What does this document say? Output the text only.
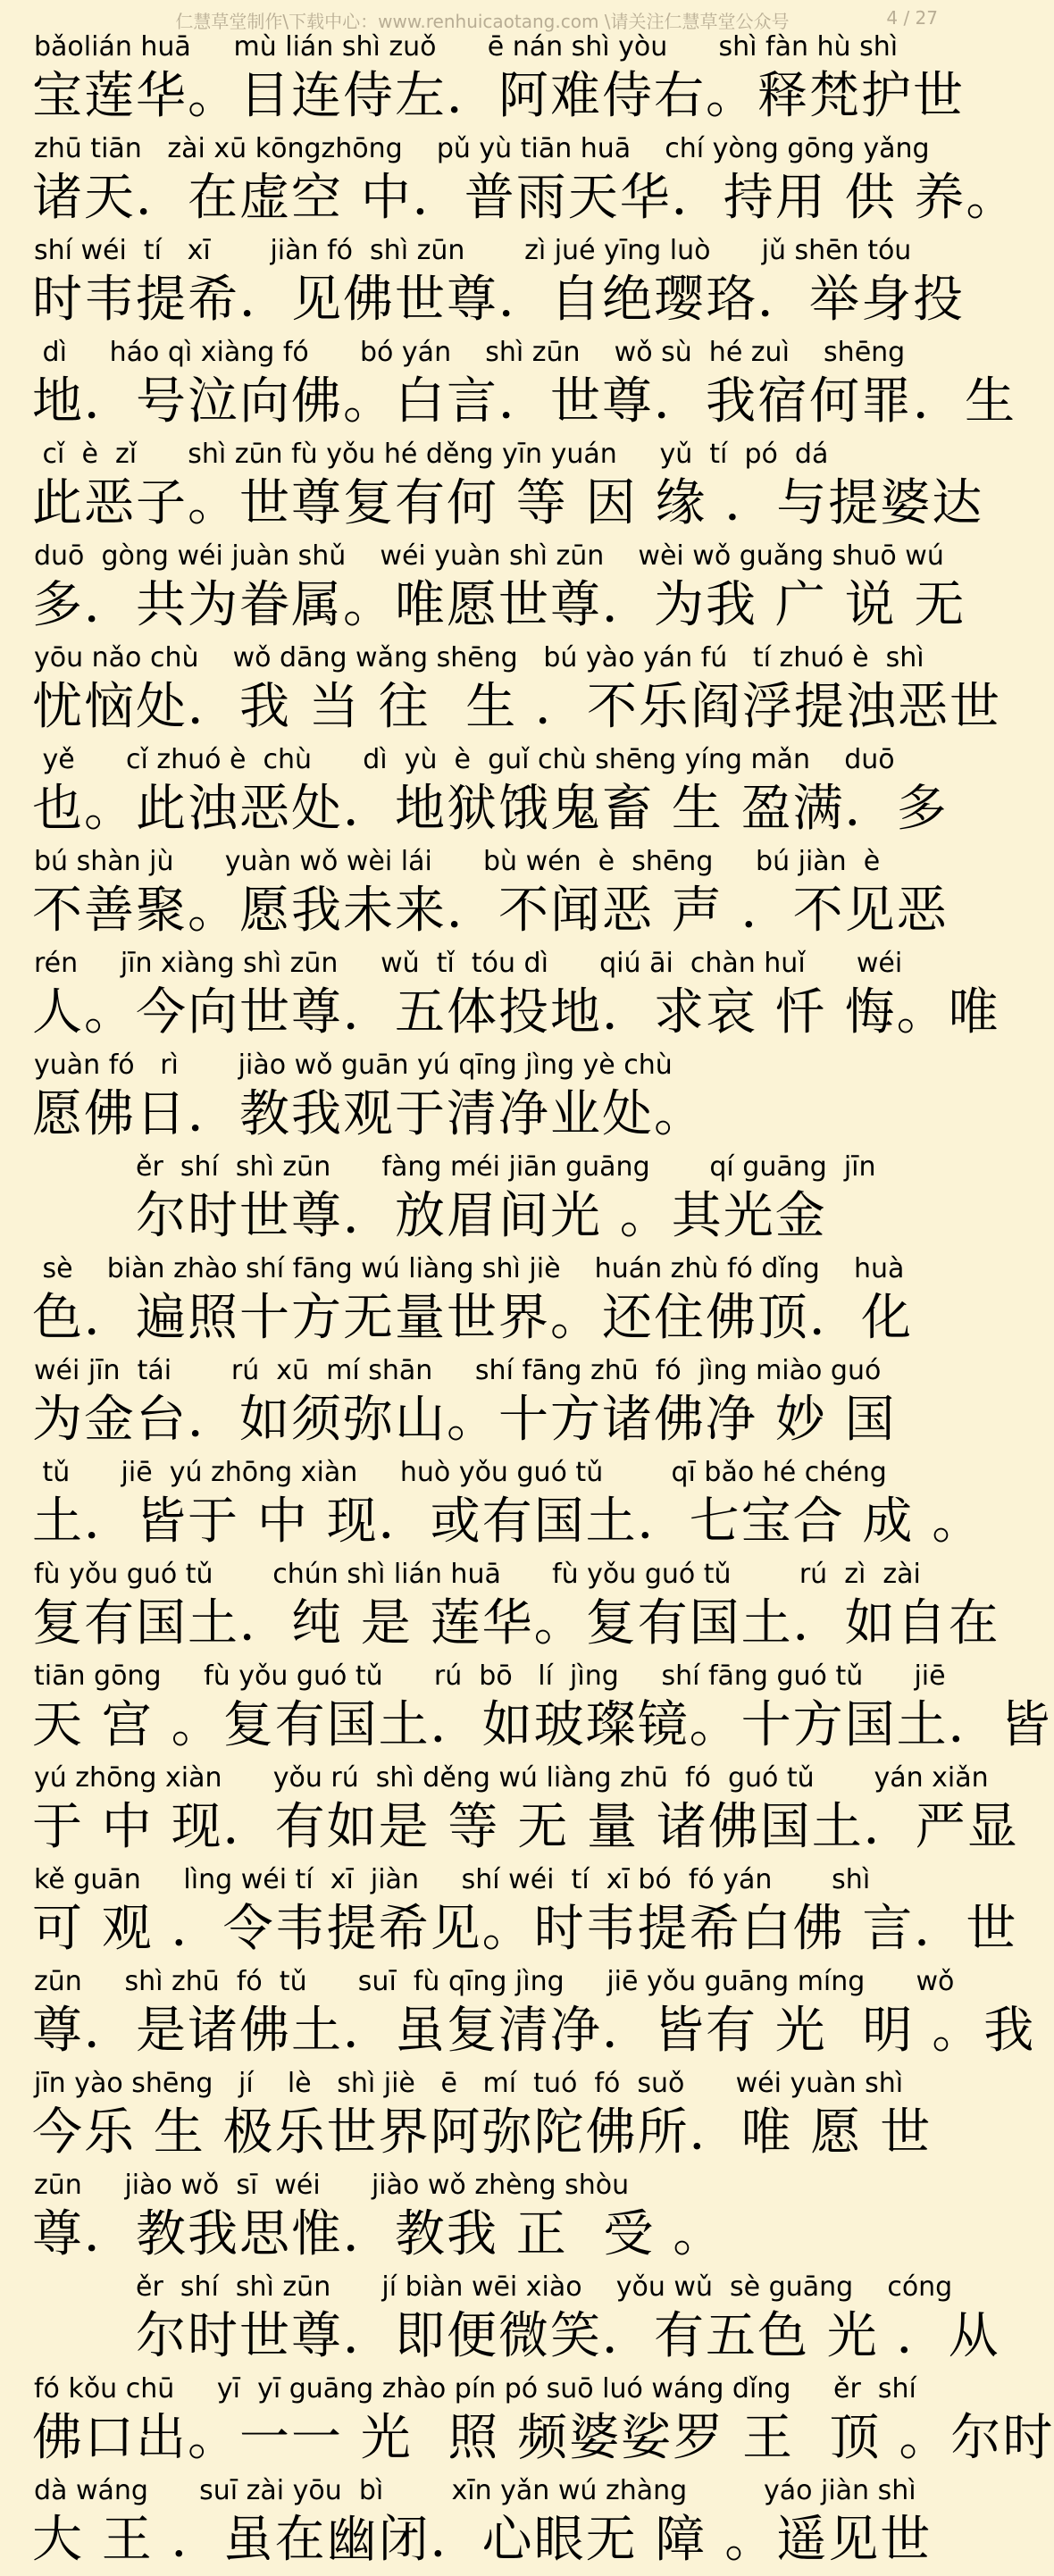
仁慧草堂制作\下载中心：www.renhuicaotang.com \请关注仁慧草堂公众号	4 / 27
bǎolián huā     mù lián shì zuǒ      ē nán shì yòu      shì fàn hù shì
宝莲华。目连侍左．阿难侍右。释梵护世
zhū tiān   zài xū kōngzhōng    pǔ yù tiān huā    chí yòng gōng yǎng
诸天．在虚空 中．普雨天华．持用 供 养。
shí wéi  tí   xī       jiàn fó  shì zūn       zì jué yīng luò      jǔ shēn tóu
时韦提希．见佛世尊．自绝璎珞．举身投
dì     háo qì xiàng fó      bó yán    shì zūn    wǒ sù  hé zuì    shēng
地．号泣向佛。白言．世尊．我宿何罪．生
cǐ  è  zǐ      shì zūn fù yǒu hé děng yīn yuán     yǔ  tí  pó  dá
此恶子。世尊复有何 等 因 缘 ．与提婆达
duō  gòng wéi juàn shǔ    wéi yuàn shì zūn    wèi wǒ guǎng shuō wú
多．共为眷属。唯愿世尊．为我 广 说 无
yōu nǎo chù    wǒ dāng wǎng shēng   bú yào yán fú   tí zhuó è  shì
忧恼处．我 当 往  生 ．不乐阎浮提浊恶世
yě      cǐ zhuó è  chù      dì  yù  è  guǐ chù shēng yíng mǎn    duō
也。此浊恶处．地狱饿鬼畜 生 盈满．多
bú shàn jù      yuàn wǒ wèi lái      bù wén  è  shēng     bú jiàn  è
不善聚。愿我未来．不闻恶 声 ．不见恶
rén     jīn xiàng shì zūn     wǔ  tǐ  tóu dì      qiú āi  chàn huǐ      wéi
人。今向世尊．五体投地．求哀 忏 悔。唯
yuàn fó   rì       jiào wǒ guān yú qīng jìng yè chù
愿佛日．教我观于清净业处。
ěr  shí  shì zūn      fàng méi jiān guāng       qí guāng  jīn
尔时世尊．放眉间光 。其光金
sè    biàn zhào shí fāng wú liàng shì jiè    huán zhù fó dǐng    huà
色．遍照十方无量世界。还住佛顶．化
wéi jīn  tái       rú  xū  mí shān     shí fāng zhū  fó  jìng miào guó
为金台．如须弥山。十方诸佛净 妙 国
tǔ      jiē  yú zhōng xiàn     huò yǒu guó tǔ        qī bǎo hé chéng
土．皆于 中 现．或有国土．七宝合 成 。
fù yǒu guó tǔ       chún shì lián huā      fù yǒu guó tǔ        rú  zì  zài
复有国土．纯 是 莲华。复有国土．如自在
tiān gōng     fù yǒu guó tǔ      rú  bō   lí  jìng     shí fāng guó tǔ      jiē
天 宫 。复有国土．如玻璨镜。十方国土．皆
yú zhōng xiàn      yǒu rú  shì děng wú liàng zhū  fó  guó tǔ       yán xiǎn
于 中 现．有如是 等 无 量 诸佛国土．严显
kě guān     lìng wéi tí  xī  jiàn     shí wéi  tí  xī bó  fó yán       shì
可 观 ．令韦提希见。时韦提希白佛 言．世
zūn     shì zhū  fó  tǔ      suī  fù qīng jìng     jiē yǒu guāng míng      wǒ
尊．是诸佛土．虽复清净．皆有 光  明 。我
jīn yào shēng   jí    lè   shì jiè   ē   mí  tuó  fó  suǒ      wéi yuàn shì
今乐 生 极乐世界阿弥陀佛所．唯 愿 世
zūn     jiào wǒ  sī  wéi      jiào wǒ zhèng shòu
尊．教我思惟．教我 正  受 。
ěr  shí  shì zūn      jí biàn wēi xiào    yǒu wǔ  sè guāng    cóng
尔时世尊．即便微笑．有五色 光 ．从
fó kǒu chū     yī  yī guāng zhào pín pó suō luó wáng dǐng     ěr  shí
佛口出。一一 光  照 频婆娑罗 王  顶 。尔时
dà wáng      suī zài yōu  bì        xīn yǎn wú zhàng         yáo jiàn shì
大 王 ．虽在幽闭．心眼无 障 。遥见世
